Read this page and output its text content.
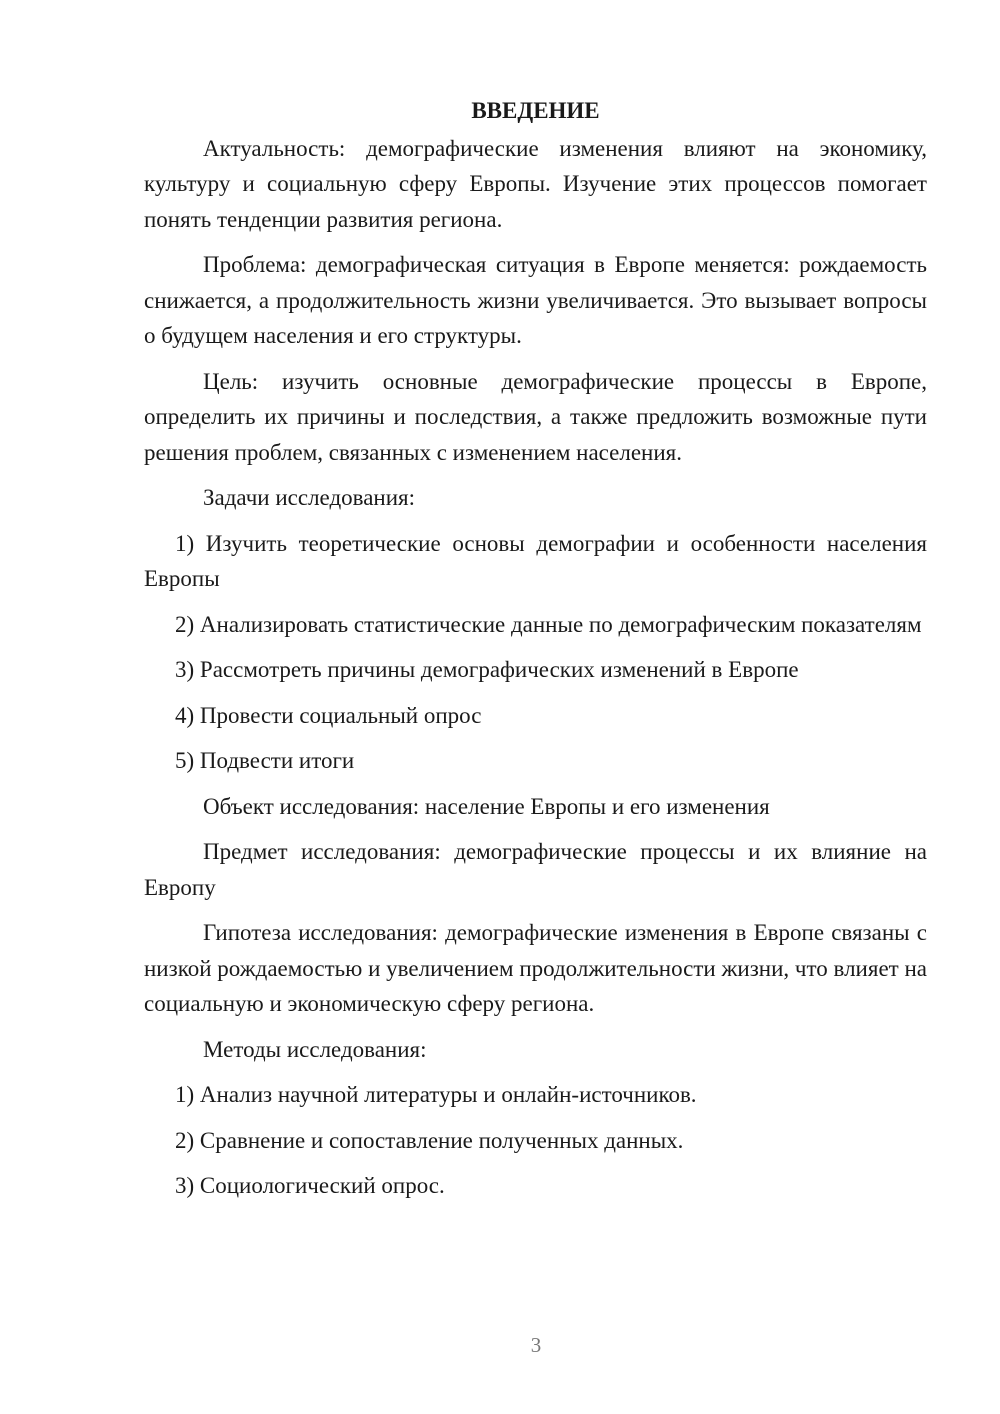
ВВЕДЕНИЕ

Актуальность: демографические изменения влияют на экономику, культуру и социальную сферу Европы. Изучение этих процессов помогает понять тенденции развития региона.

Проблема: демографическая ситуация в Европе меняется: рождаемость снижается, а продолжительность жизни увеличивается. Это вызывает вопросы о будущем населения и его структуры.

Цель: изучить основные демографические процессы в Европе, определить их причины и последствия, а также предложить возможные пути решения проблем, связанных с изменением населения.

Задачи исследования:

1) Изучить теоретические основы демографии и особенности населения Европы

2) Анализировать статистические данные по демографическим показателям

3) Рассмотреть причины демографических изменений в Европе

4) Провести социальный опрос

5) Подвести итоги

Объект исследования: население Европы и его изменения

Предмет исследования: демографические процессы и их влияние на Европу

Гипотеза исследования: демографические изменения в Европе связаны с низкой рождаемостью и увеличением продолжительности жизни, что влияет на социальную и экономическую сферу региона.

Методы исследования:

1) Анализ научной литературы и онлайн-источников.

2) Сравнение и сопоставление полученных данных.

3) Социологический опрос.

3
